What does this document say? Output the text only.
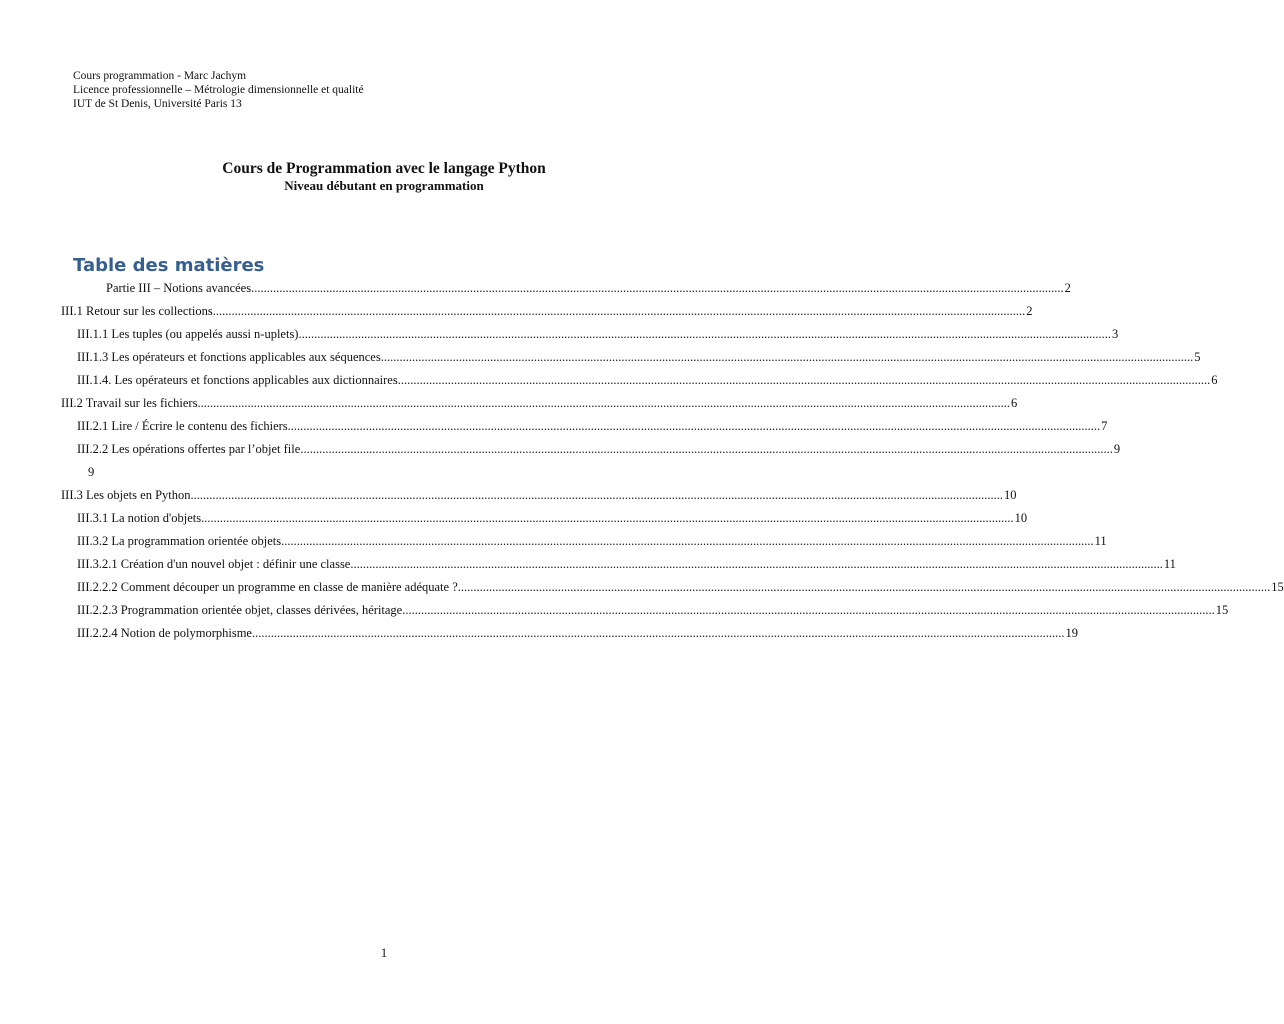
Cours programmation - Marc Jachym
Licence professionnelle – Métrologie dimensionnelle et qualité
IUT de St Denis, Université Paris 13
Cours de Programmation avec le langage Python
Niveau débutant en programmation
Table des matières
Partie III – Notions avancées .................................................................................................................................................................................................................................................................... 2
III.1 Retour sur les collections .................................................................................................................................................................................................................................................................... 2
III.1.1 Les tuples (ou appelés aussi n-uplets) .................................................................................................................................................................................................................................................................... 3
III.1.3 Les opérateurs et fonctions applicables aux séquences .................................................................................................................................................................................................................................................................... 5
III.1.4. Les opérateurs et fonctions applicables aux dictionnaires .................................................................................................................................................................................................................................................................... 6
III.2 Travail sur les fichiers .................................................................................................................................................................................................................................................................... 6
III.2.1 Lire / Écrire le contenu des fichiers .................................................................................................................................................................................................................................................................... 7
III.2.2 Les opérations offertes par l’objet file .................................................................................................................................................................................................................................................................... 9
9
III.3 Les objets en Python .................................................................................................................................................................................................................................................................... 10
III.3.1 La notion d'objets .................................................................................................................................................................................................................................................................... 10
III.3.2 La programmation orientée objets .................................................................................................................................................................................................................................................................... 11
III.3.2.1 Création d'un nouvel objet : définir une classe .................................................................................................................................................................................................................................................................... 11
III.2.2.2 Comment découper un programme en classe de manière adéquate ? .................................................................................................................................................................................................................................................................... 15
III.2.2.3 Programmation orientée objet, classes dérivées, héritage .................................................................................................................................................................................................................................................................... 15
III.2.2.4 Notion de polymorphisme .................................................................................................................................................................................................................................................................... 19
1
